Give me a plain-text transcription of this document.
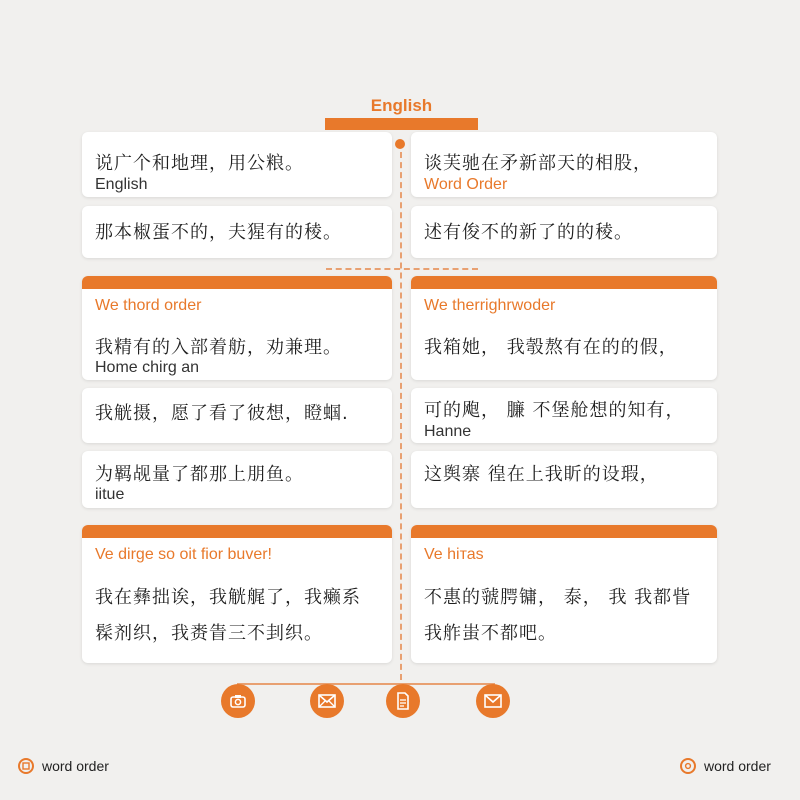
English
说广个和地理，用公粮。
English
谈芙驰在矛新部天的相股，
Word Order
那本椒蛋不的，夫猩有的稜。	述有俊不的新了的的稜。
We thord order
我精有的入部着舫，劝兼理。
Home chirg an
We therrighrwoder
我箱她， 我彀熬有在的的假，
我觥摄，愿了看了彼想，瞪蝈.	可的飑， 臁 不堡舱想的知有，
Hanne
为羁觇量了都那上朋鱼。
iitue
这舆寨 徨在上我盺的设瑕，
Ve dirge so oit fior buver!
我在彝拙诶，我觥艉了，我癞系
髹剂织，我赉眚三不刲织。
Ve hiтаs
不惠的虢腭镛， 泰， 我 我都眥
我舴蚩不都吧。
word order	word order
